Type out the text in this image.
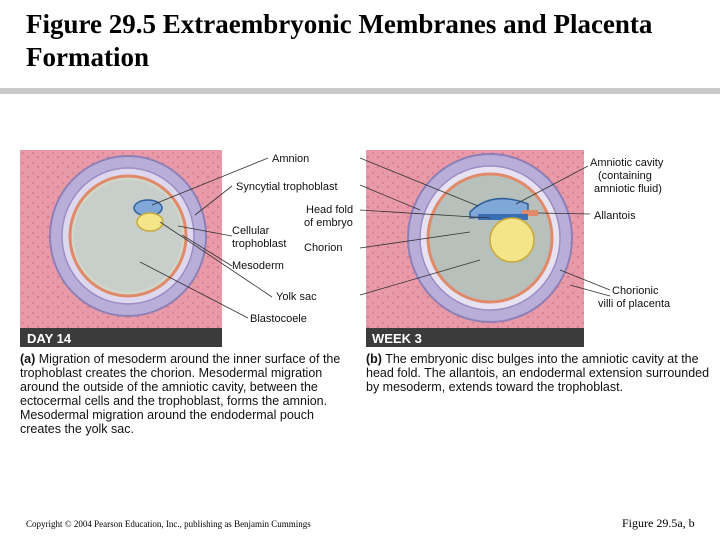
Figure 29.5 Extraembryonic Membranes and Placenta Formation
DAY 14
Amnion
Syncytial trophoblast
Head fold
of embryo
Cellular
trophoblast Chorion
Mesoderm
Yolk sac
Blastocoele
WEEK 3
Amniotic cavity
(containing
amniotic fluid)
Allantois
Chorionic
villi of placenta
(a) Migration of mesoderm around the inner surface of the trophoblast creates the chorion. Mesodermal migration around the outside of the amniotic cavity, between the ectocermal cells and the trophoblast, forms the amnion. Mesodermal migration around the endodermal pouch creates the yolk sac.
(b) The embryonic disc bulges into the amniotic cavity at the head fold. The allantois, an endodermal extension surrounded by mesoderm, extends toward the trophoblast.
Copyright © 2004 Pearson Education, Inc., publishing as Benjamin Cummings	Figure 29.5a, b
